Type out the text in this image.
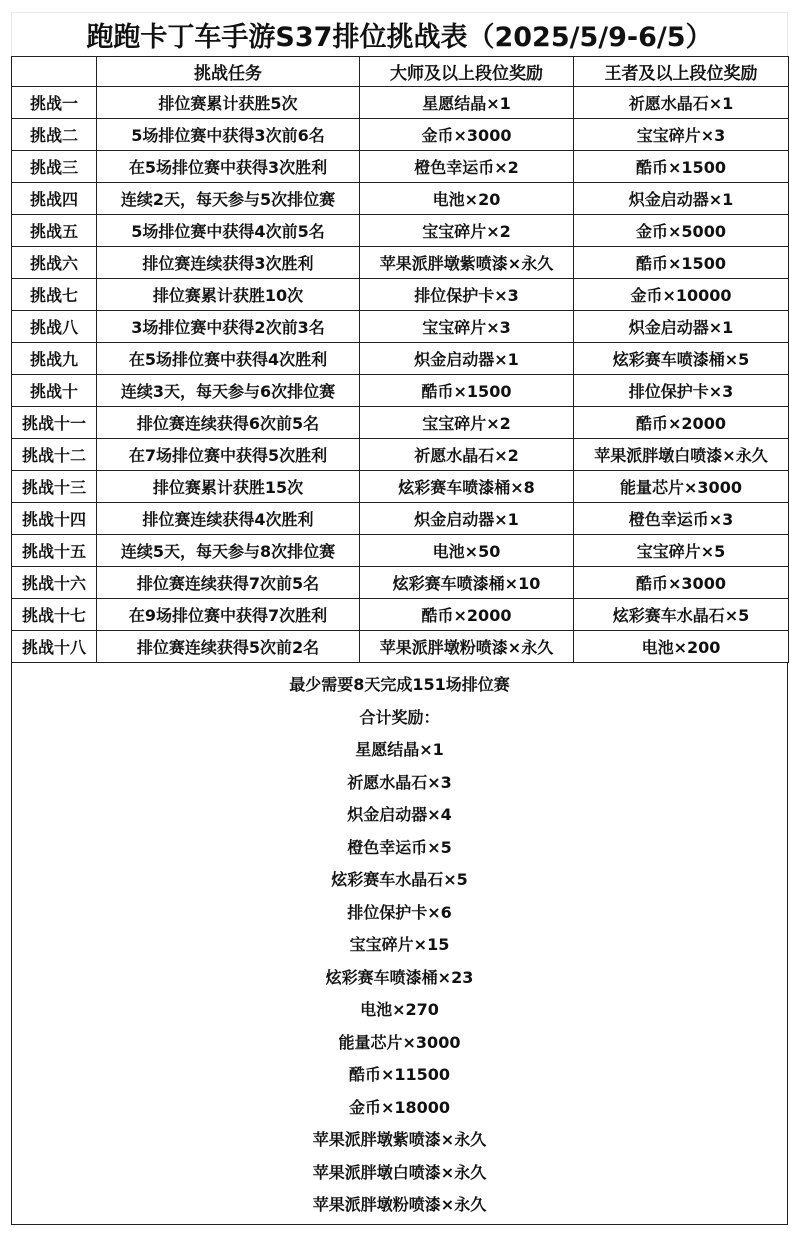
跑跑卡丁车手游S37排位挑战表（2025/5/9-6/5）
	挑战任务	大师及以上段位奖励	王者及以上段位奖励
挑战一	排位赛累计获胜5次	星愿结晶×1	祈愿水晶石×1
挑战二	5场排位赛中获得3次前6名	金币×3000	宝宝碎片×3
挑战三	在5场排位赛中获得3次胜利	橙色幸运币×2	酷币×1500
挑战四	连续2天，每天参与5次排位赛	电池×20	炽金启动器×1
挑战五	5场排位赛中获得4次前5名	宝宝碎片×2	金币×5000
挑战六	排位赛连续获得3次胜利	苹果派胖墩紫喷漆×永久	酷币×1500
挑战七	排位赛累计获胜10次	排位保护卡×3	金币×10000
挑战八	3场排位赛中获得2次前3名	宝宝碎片×3	炽金启动器×1
挑战九	在5场排位赛中获得4次胜利	炽金启动器×1	炫彩赛车喷漆桶×5
挑战十	连续3天，每天参与6次排位赛	酷币×1500	排位保护卡×3
挑战十一	排位赛连续获得6次前5名	宝宝碎片×2	酷币×2000
挑战十二	在7场排位赛中获得5次胜利	祈愿水晶石×2	苹果派胖墩白喷漆×永久
挑战十三	排位赛累计获胜15次	炫彩赛车喷漆桶×8	能量芯片×3000
挑战十四	排位赛连续获得4次胜利	炽金启动器×1	橙色幸运币×3
挑战十五	连续5天，每天参与8次排位赛	电池×50	宝宝碎片×5
挑战十六	排位赛连续获得7次前5名	炫彩赛车喷漆桶×10	酷币×3000
挑战十七	在9场排位赛中获得7次胜利	酷币×2000	炫彩赛车水晶石×5
挑战十八	排位赛连续获得5次前2名	苹果派胖墩粉喷漆×永久	电池×200
最少需要8天完成151场排位赛
合计奖励：
星愿结晶×1
祈愿水晶石×3
炽金启动器×4
橙色幸运币×5
炫彩赛车水晶石×5
排位保护卡×6
宝宝碎片×15
炫彩赛车喷漆桶×23
电池×270
能量芯片×3000
酷币×11500
金币×18000
苹果派胖墩紫喷漆×永久
苹果派胖墩白喷漆×永久
苹果派胖墩粉喷漆×永久
